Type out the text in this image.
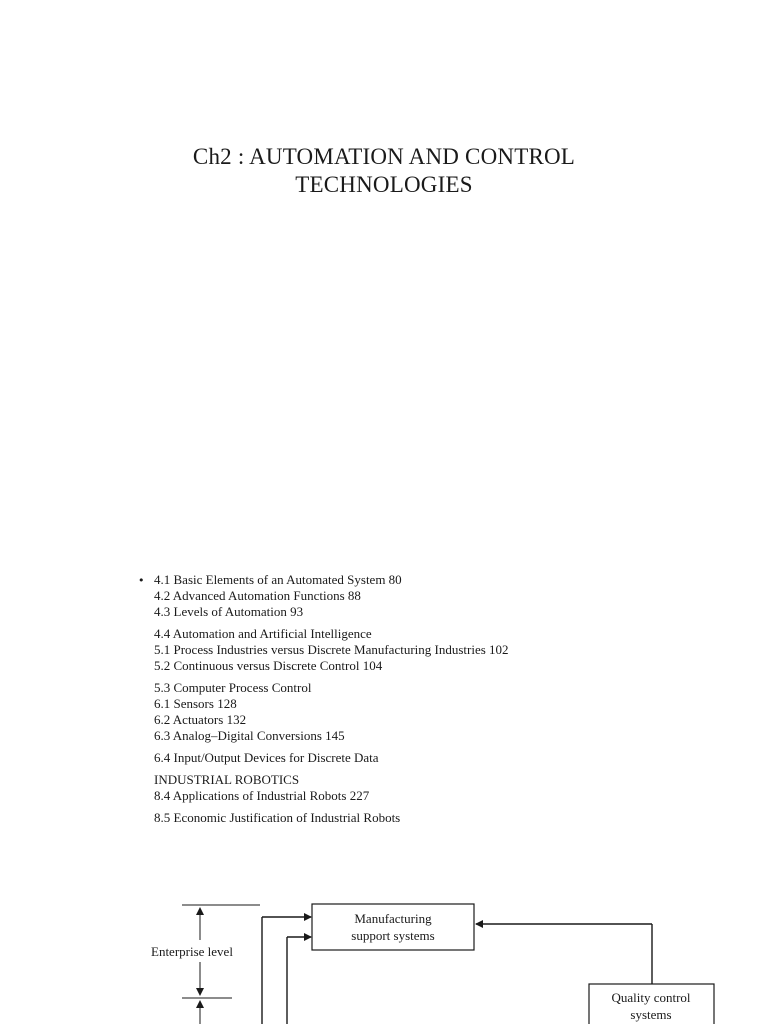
Ch2 : AUTOMATION AND CONTROL
TECHNOLOGIES
• 4.1 Basic Elements of an Automated System 80
4.2 Advanced Automation Functions 88
4.3 Levels of Automation 93
4.4 Automation and Artificial Intelligence
5.1 Process Industries versus Discrete Manufacturing Industries 102
5.2 Continuous versus Discrete Control 104
5.3 Computer Process Control
6.1 Sensors 128
6.2 Actuators 132
6.3 Analog–Digital Conversions 145
6.4 Input/Output Devices for Discrete Data
INDUSTRIAL ROBOTICS
8.4 Applications of Industrial Robots 227
8.5 Economic Justification of Industrial Robots
Enterprise level
Manufacturing
support systems
Quality control
systems
